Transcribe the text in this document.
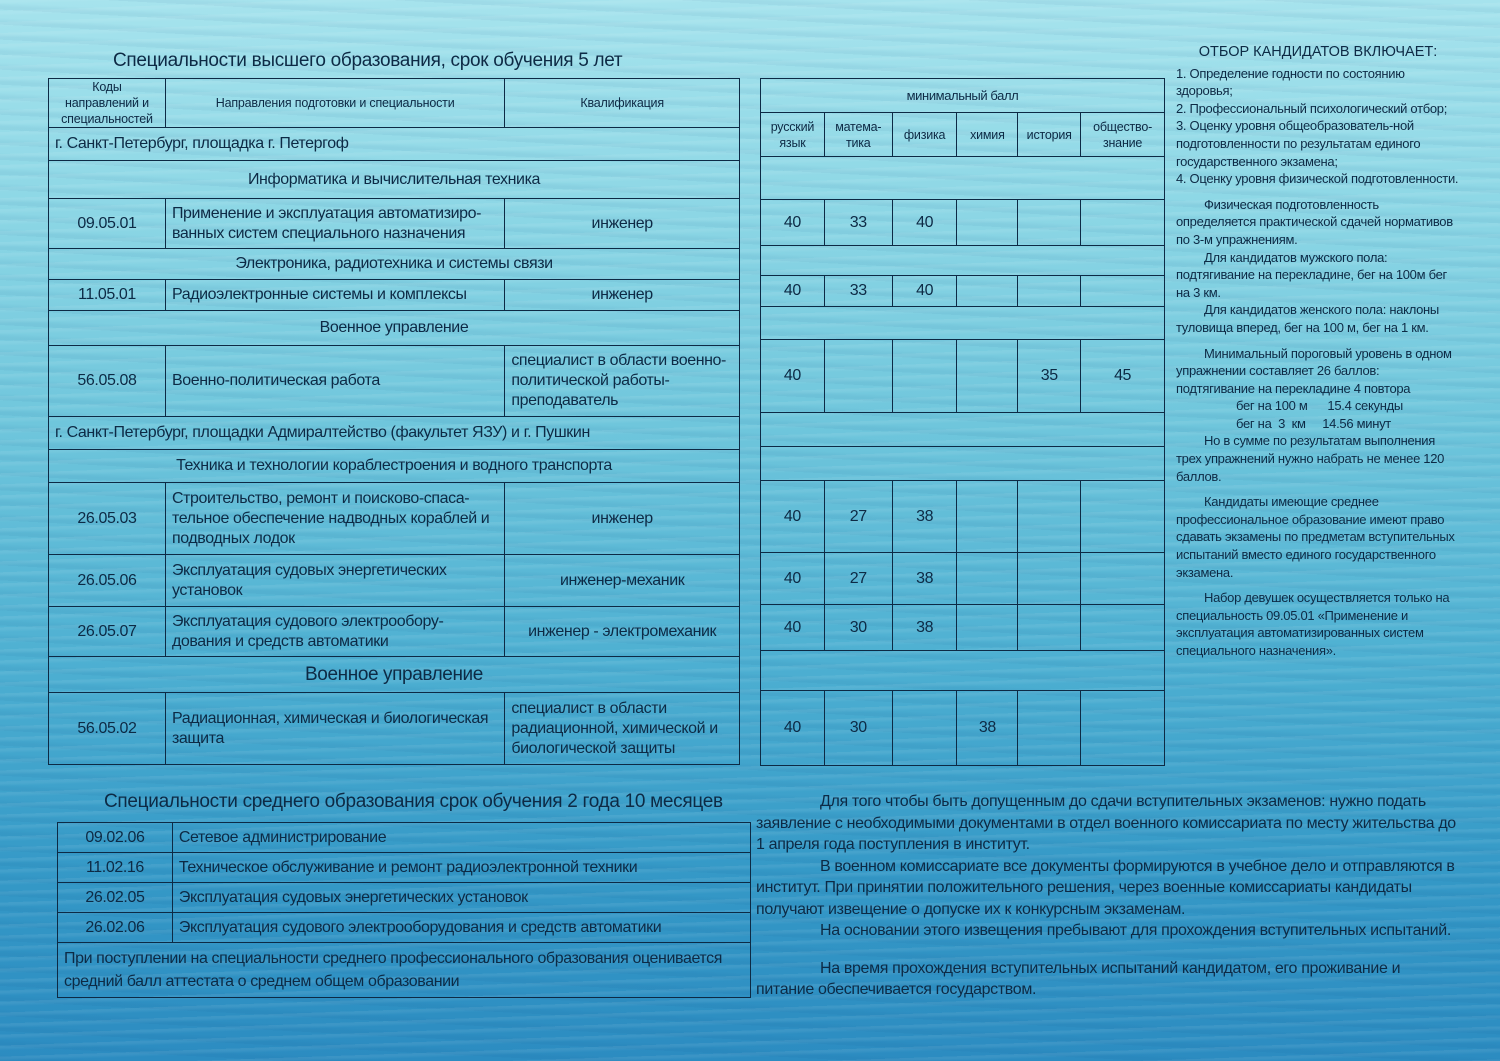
Специальности высшего образования, срок обучения 5 лет
Коды направлений и специальностей	Направления подготовки и специальности	Квалификация
г. Санкт-Петербург, площадка г. Петергоф		
Информатика и вычислительная техника		
09.05.01	Применение и эксплуатация автоматизиро-ванных систем специального назначения	инженер
Электроника, радиотехника и системы связи		
11.05.01	Радиоэлектронные системы и комплексы	инженер
Военное управление		
56.05.08	Военно-политическая работа	специалист в области военно-политической работы-преподаватель
г. Санкт-Петербург, площадки Адмиралтейство (факультет ЯЗУ) и г. Пушкин		
Техника и технологии кораблестроения и водного транспорта		
26.05.03	Строительство, ремонт и поисково-спаса-тельное обеспечение надводных кораблей и подводных лодок	инженер
26.05.06	Эксплуатация судовых энергетических установок	инженер-механик
26.05.07	Эксплуатация судового электрообору-дования и средств автоматики	инженер - электромеханик
Военное управление		
56.05.02	Радиационная, химическая и биологическая защита	специалист в области радиационной, химической и биологической защиты
минимальный балл					
русский язык	матема-тика	физика	химия	история	общество-знание

40	33	40			

40	33	40			

40				35	45

40	27	38			
40	27	38			
40	30	38			

40	30		38		

ОТБОР КАНДИДАТОВ ВКЛЮЧАЕТ:

1. Определение годности по состоянию здоровья;

2. Профессиональный психологический отбор;

3. Оценку уровня общеобразователь-ной подготовленности по результатам единого государственного экзамена;

4. Оценку уровня физической подготовленности.

Физическая подготовленность определяется практической сдачей нормативов по 3-м упражнениям.

Для кандидатов мужского пола: подтягивание на перекладине, бег на 100м бег на 3 км.

Для кандидатов женского пола: наклоны туловища вперед, бег на 100 м, бег на 1 км.

Минимальный пороговый уровень в одном упражнении составляет 26 баллов:

подтягивание на перекладине 4 повтора

бег на 100 м      15.4 секунды

бег на  3  км     14.56 минут

Но в сумме по результатам выполнения трех упражнений нужно набрать не менее 120 баллов.

Кандидаты имеющие среднее профессиональное образование имеют право сдавать экзамены по предметам вступительных испытаний вместо единого государственного экзамена.

Набор девушек осуществляется только на специальность 09.05.01 «Применение и эксплуатация автоматизированных систем специального назначения».

Специальности среднего образования срок обучения 2 года 10 месяцев
09.02.06	Сетевое администрирование
11.02.16	Техническое обслуживание и ремонт радиоэлектронной техники
26.02.05	Эксплуатация судовых энергетических установок
26.02.06	Эксплуатация судового электрооборудования и средств автоматики
При поступлении на специальности среднего профессионального образования оценивается средний балл аттестата о среднем общем образовании	

Для того чтобы быть допущенным до сдачи вступительных экзаменов: нужно подать заявление с необходимыми документами в отдел военного комиссариата по месту жительства до 1 апреля года поступления в институт.

В военном комиссариате все документы формируются в учебное дело и отправляются в институт. При принятии положительного решения, через военные комиссариаты кандидаты получают извещение о допуске их к конкурсным экзаменам.

На основании этого извещения пребывают для прохождения вступительных испытаний.

На время прохождения вступительных испытаний кандидатом, его проживание и питание обеспечивается государством.
